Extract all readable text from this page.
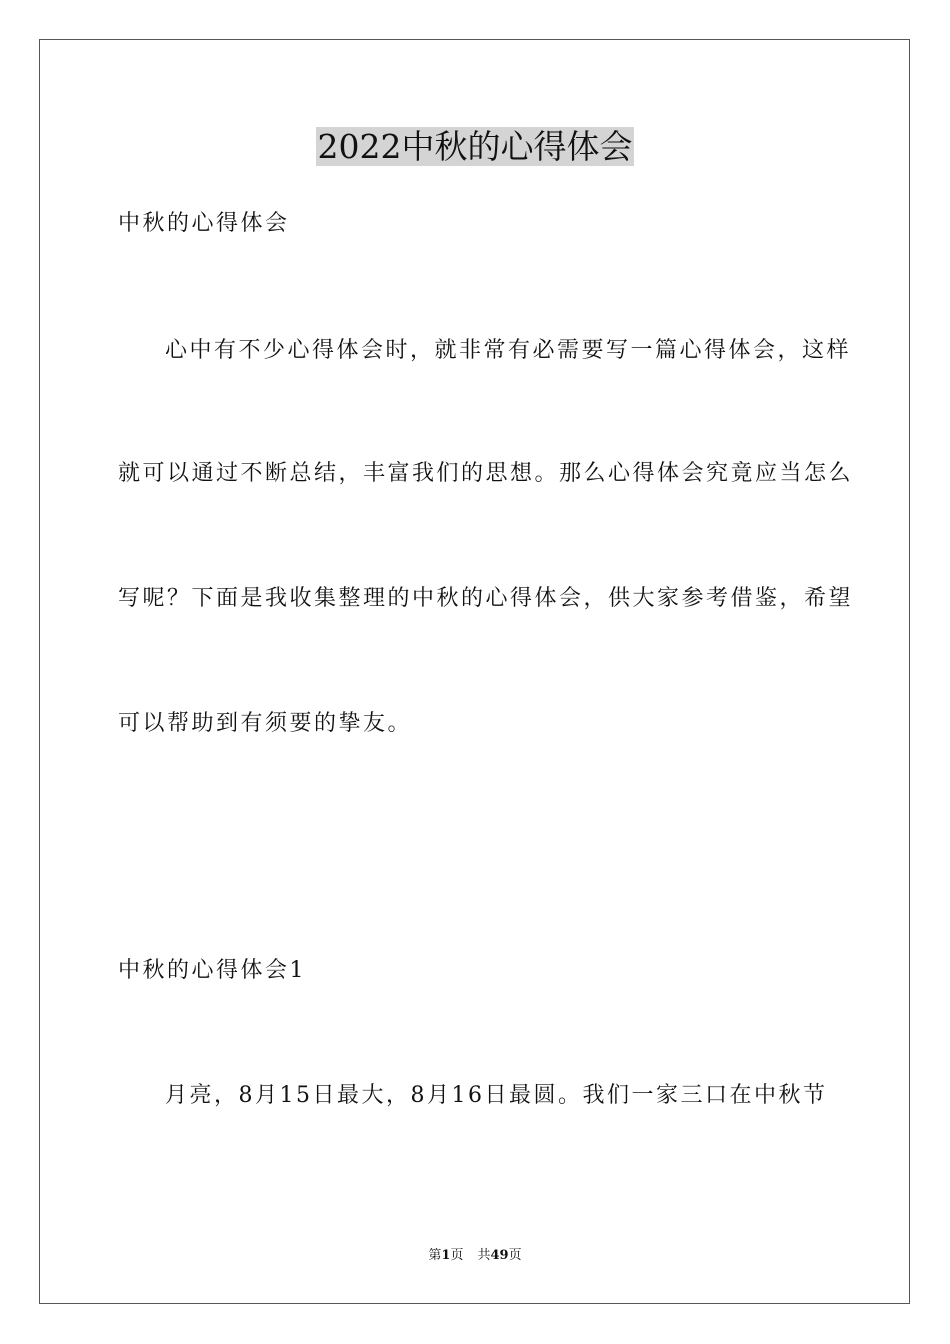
2022中秋的心得体会
中秋的心得体会
心中有不少心得体会时，就非常有必需要写一篇心得体会，这样
就可以通过不断总结，丰富我们的思想。那么心得体会究竟应当怎么
写呢？下面是我收集整理的中秋的心得体会，供大家参考借鉴，希望
可以帮助到有须要的挚友。
中秋的心得体会1
月亮，8月15日最大，8月16日最圆。我们一家三口在中秋节
第1页 共49页
